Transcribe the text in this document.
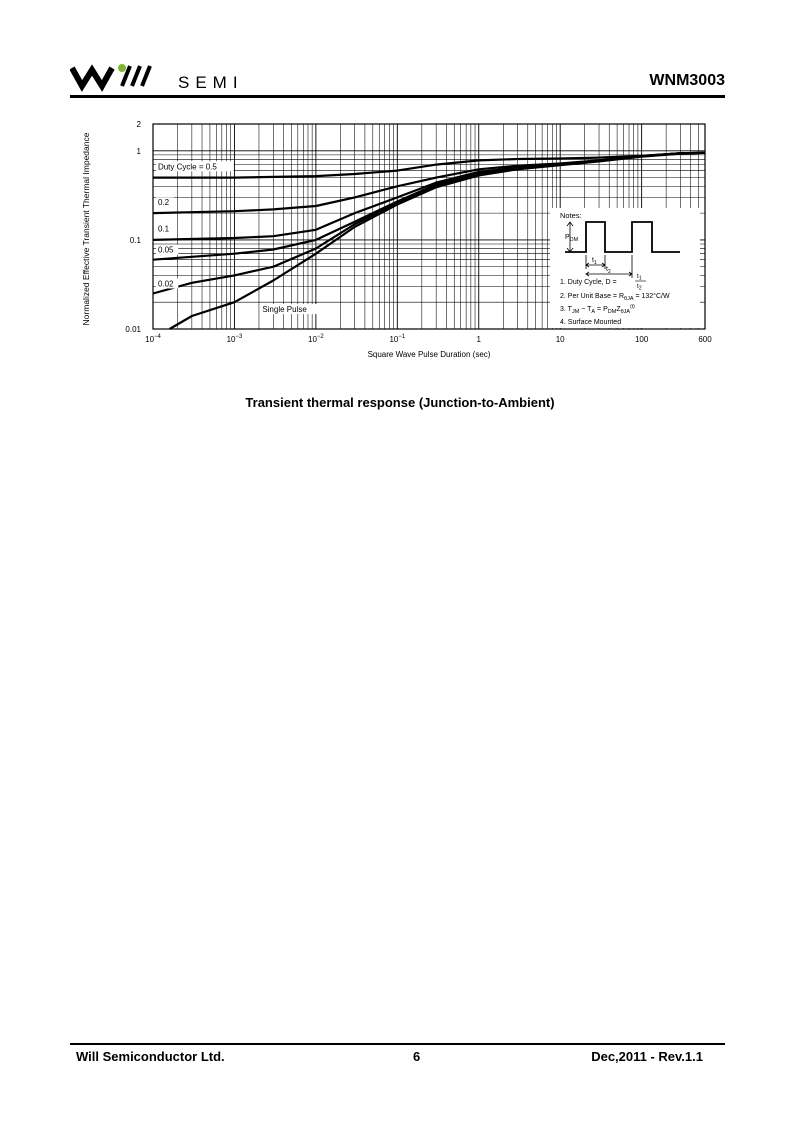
SEMI	WNM3003
$10^{-4}$	$10^{-3}$	$10^{-2}$	$10^{-1}$	1	10	100	600
0.01
0.1
1
2
Duty Cycle = 0.5
0.2
0.1
0.05
0.02
Single Pulse
Normalized Effective Transient Thermal Impedance
Square Wave Pulse Duration (sec)
Notes:
$P_{DM}$
$t_1$
$t_2$
1. Duty Cycle, D =
$t_1$
$t_2$
2. Per Unit Base = $R_{\theta JA} = 132^\circ C/W$
3. $T_{JM} - T_A = P_{DM}Z_{\theta JA}^{(t)}$
4. Surface Mounted
Transient thermal response (Junction-to-Ambient)
Will Semiconductor Ltd.	6	Dec,2011 - Rev.1.1
